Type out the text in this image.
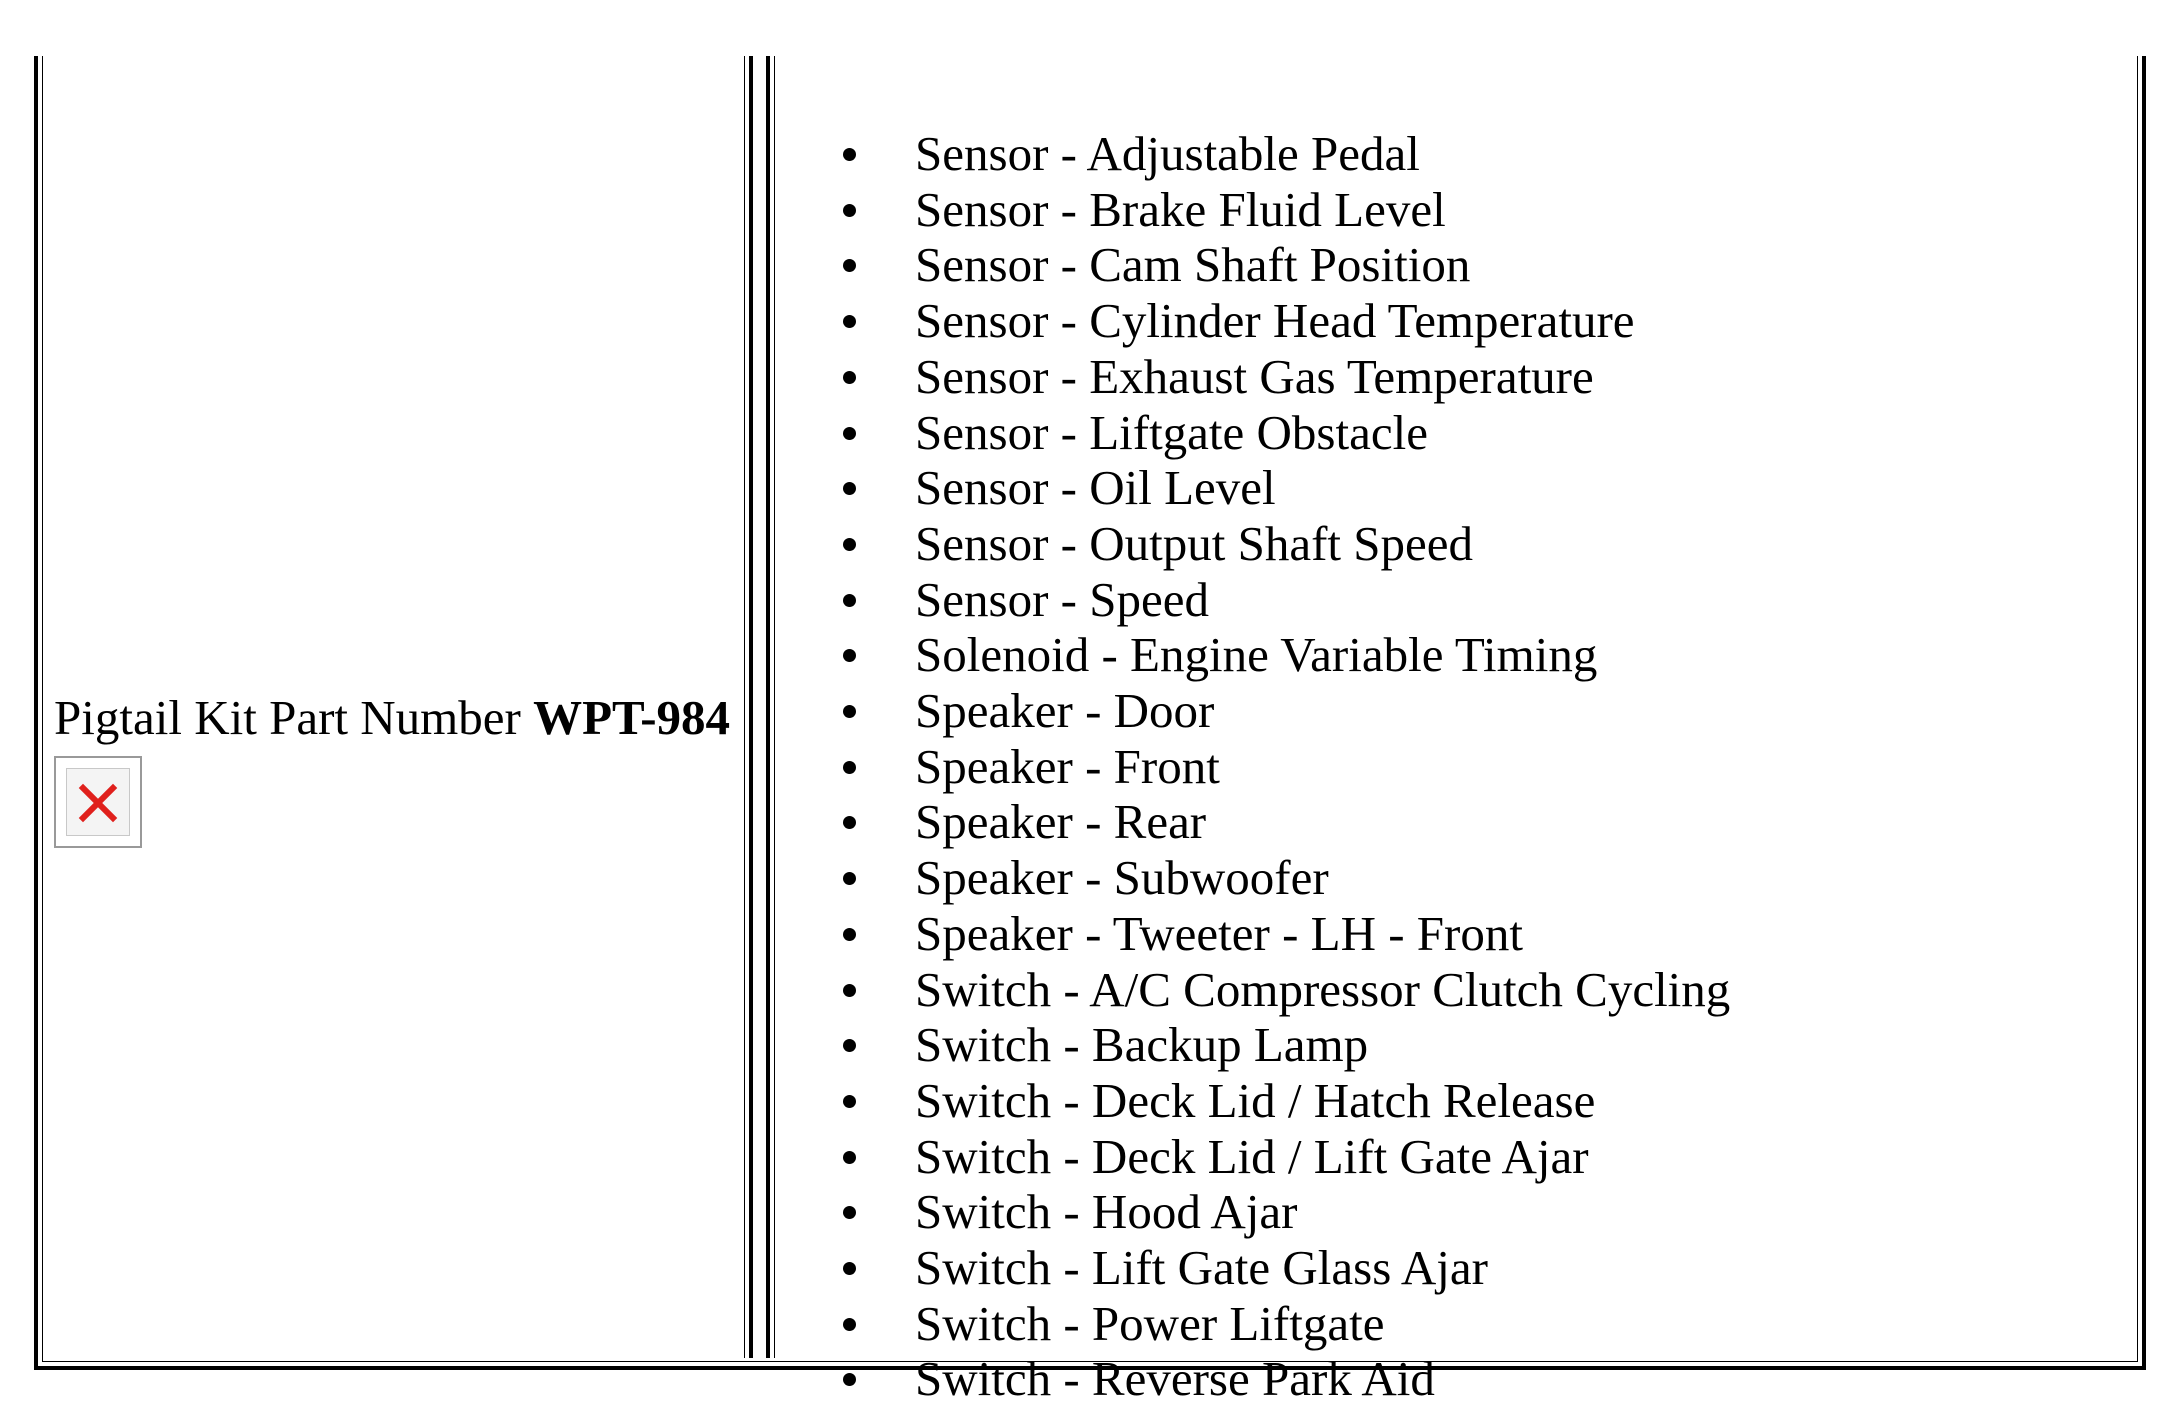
Pigtail Kit Part Number WPT-984
Sensor - Adjustable Pedal
Sensor - Brake Fluid Level
Sensor - Cam Shaft Position
Sensor - Cylinder Head Temperature
Sensor - Exhaust Gas Temperature
Sensor - Liftgate Obstacle
Sensor - Oil Level
Sensor - Output Shaft Speed
Sensor - Speed
Solenoid - Engine Variable Timing
Speaker - Door
Speaker - Front
Speaker - Rear
Speaker - Subwoofer
Speaker - Tweeter - LH - Front
Switch - A/C Compressor Clutch Cycling
Switch - Backup Lamp
Switch - Deck Lid / Hatch Release
Switch - Deck Lid / Lift Gate Ajar
Switch - Hood Ajar
Switch - Lift Gate Glass Ajar
Switch - Power Liftgate
Switch - Reverse Park Aid
